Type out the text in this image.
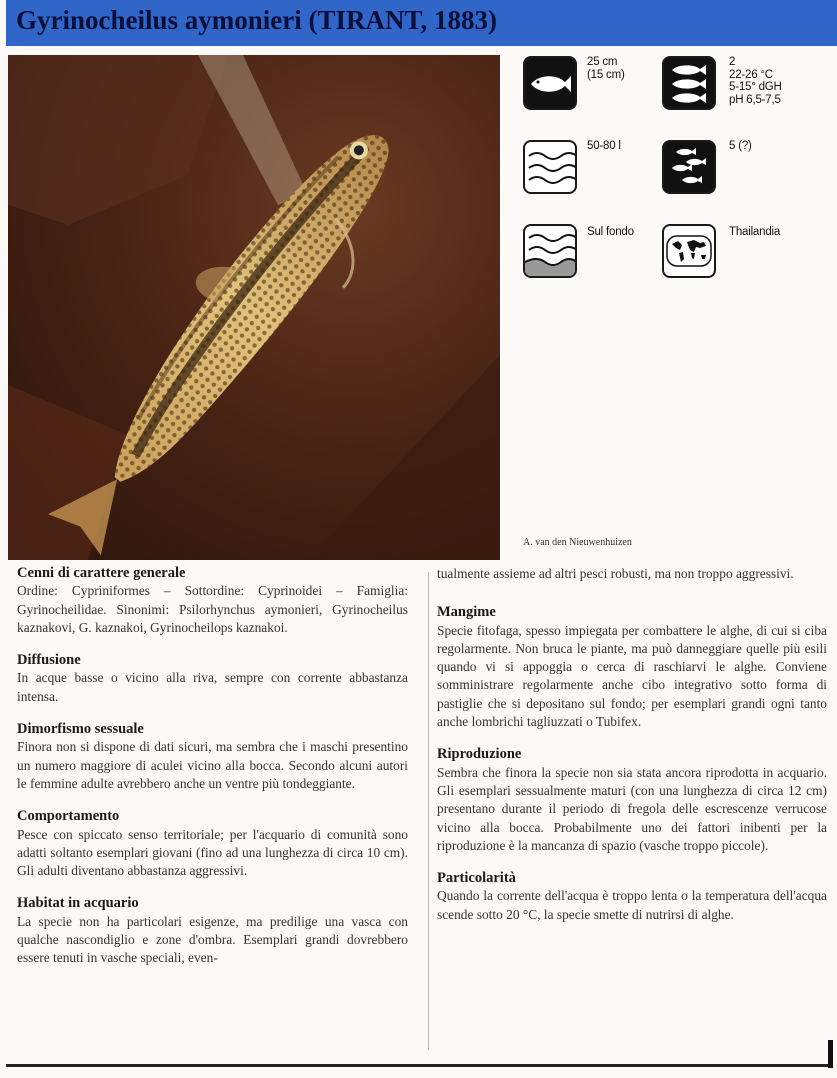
Gyrinocheilus aymonieri (TIRANT, 1883)
A. van den Nieuwenhuizen
25 cm
(15 cm)
2
22-26 °C
5-15° dGH
pH 6,5-7,5
50-80 l	5 (?)
Sul fondo	Thailandia
Cenni di carattere generale

Ordine: Cypriniformes – Sottordine: Cyprinoidei – Famiglia: Gyrinocheilidae. Sinonimi: Psilorhynchus aymonieri, Gyrinocheilus kaznakovi, G. kaznakoi, Gyrinocheilops kaznakoi.

Diffusione

In acque basse o vicino alla riva, sempre con corrente abbastanza intensa.

Dimorfismo sessuale

Finora non si dispone di dati sicuri, ma sembra che i maschi presentino un numero maggiore di aculei vicino alla bocca. Secondo alcuni autori le femmine adulte avrebbero anche un ventre più tondeggiante.

Comportamento

Pesce con spiccato senso territoriale; per l'acquario di comunità sono adatti soltanto esemplari giovani (fino ad una lunghezza di circa 10 cm). Gli adulti diventano abbastanza aggressivi.

Habitat in acquario

La specie non ha particolari esigenze, ma predilige una vasca con qualche nascondiglio e zone d'ombra. Esemplari grandi dovrebbero essere tenuti in vasche speciali, even-

tualmente assieme ad altri pesci robusti, ma non troppo aggressivi.

Mangime

Specie fitofaga, spesso impiegata per combattere le alghe, di cui si ciba regolarmente. Non bruca le piante, ma può danneggiare quelle più esili quando vi si appoggia o cerca di raschiarvi le alghe. Conviene somministrare regolarmente anche cibo integrativo sotto forma di pastiglie che si depositano sul fondo; per esemplari grandi ogni tanto anche lombrichi tagliuzzati o Tubifex.

Riproduzione

Sembra che finora la specie non sia stata ancora riprodotta in acquario. Gli esemplari sessualmente maturi (con una lunghezza di circa 12 cm) presentano durante il periodo di fregola delle escrescenze verrucose vicino alla bocca. Probabilmente uno dei fattori inibenti per la riproduzione è la mancanza di spazio (vasche troppo piccole).

Particolarità

Quando la corrente dell'acqua è troppo lenta o la temperatura dell'acqua scende sotto 20 °C, la specie smette di nutrirsi di alghe.
